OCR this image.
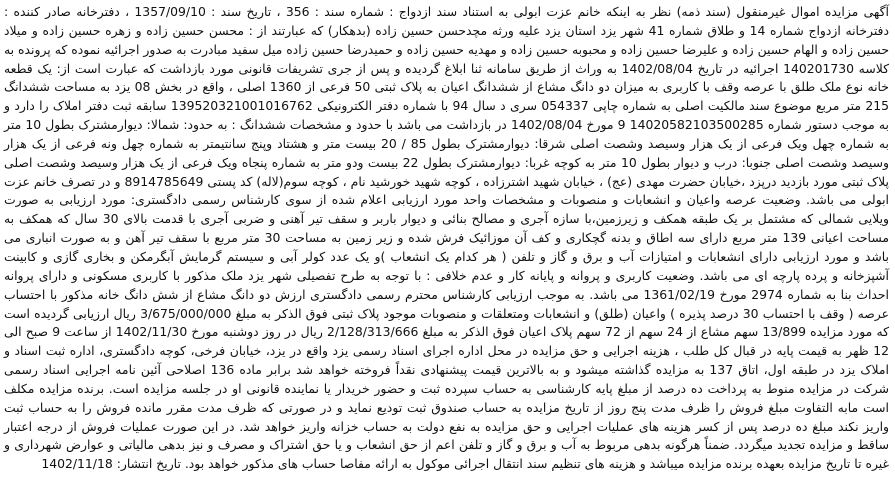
آگهی مزایده اموال غیرمنقول (سند ذمه) نظر به اینکه خانم عزت ابولی به استناد سند ازدواج : شماره سند : 356 ، تاریخ سند : 1357/09/10 ، دفترخانه صادر کننده : دفترخانه ازدواج شماره 14 و طلاق شماره 41 شهر یزد استان یزد علیه ورثه مچدحسن حسین زاده (بدهکار) که عبارتند از : محسن حسین زاده و زهره حسین زاده و میلاد حسین زاده و الهام حسین زاده و علیرضا حسین زاده و محبوبه حسین زاده و مهدیه حسین زاده و حمیدرضا حسین زاده میل سفید مبادرت به صدور اجرائیه نموده که پرونده به کلاسه 140201730 اجرائیه در تاریخ 1402/08/04 به وراث از طریق سامانه ثنا ابلاغ گردیده و پس از جری تشریفات قانونی مورد بازداشت که عبارت است از: یک قطعه خانه نوع ملک طلق با عرصه وقف با کاربری به میزان دو دانگ مشاع از ششدانگ اعیان به پلاک ثبتی 50 فرعی از 1360 اصلی ، واقع در بخش 08 یزد به مساحت ششدانگ 215 متر مربع موضوع سند مالکیت اصلی به شماره چاپی 054337 سری د سال 94 با شماره دفتر الکترونیکی 139520321001016762 سابقه ثبت دفتر املاک را دارد و به موجب دستور شماره 14020582103500285 9 مورخ 1402/08/04 در بازداشت می باشد با حدود و مشخصات ششدانگ : به حدود: شمالا: دیوارمشترک بطول 10 متر به شماره چهل ویک فرعی از یک هزار وسیصد وشصت اصلی شرقا: دیوارمشترک بطول 85 / 20 بیست متر و هشتاد وپنج سانتیمتر به شماره چهل ونه فرعی از یک هزار وسیصد وشصت اصلی جنوبا: درب و دیوار بطول 10 متر به کوچه غربا: دیوارمشترک بطول 22 بیست ودو متر به شماره پنجاه ویک فرعی از یک هزار وسیصد وشصت اصلی پلاک ثبتی مورد بازدید درپزد ،خیابان حضرت مهدی (عج) ، خیابان شهید اشترزاده ، کوچه شهید خورشید نام ، کوچه سوم(لاله) کد پستی 8914785649 و در تصرف خانم عزت ابولی می باشد. وضعیت عرصه واعیان و انشعابات و منصوبات و مشخصات واحد مورد ارزیابی اعلام شده از سوی کارشناس رسمی دادگستری: مورد ارزیابی به صورت ویلایی شمالی که مشتمل بر یک طبقه همکف و زیرزمین،با سازه آجری و مصالح بنائی و دیوار باربر و سقف تیر آهنی و ضربی آجری با قدمت بالای 30 سال که همکف به مساحت اعیانی 139 متر مربع دارای سه اطاق و بدنه گچکاری و کف آن موزائیک فرش شده و زیر زمین به مساحت 30 متر مربع با سقف تیر آهن و به صورت انباری می باشد و مورد ارزیابی دارای انشعابات و امتیازات آب و برق و گاز و تلفن ( هر کدام یک انشعاب )و یک عدد کولر آبی و سیستم گرمایش آبگرمکن و بخاری گازی و کابینت آشپزخانه و پرده پارچه ای می باشد. وضعیت کاربری و پروانه و پایانه کار و عدم خلافی : با توجه به طرح تفصیلی شهر یزد ملک مذکور با کاربری مسکونی و دارای پروانه احداث بنا به شماره 2974 مورخ 1361/02/19 می باشد. به موجب ارزیابی کارشناس محترم رسمی دادگستری ارزش دو دانگ مشاع از شش دانگ خانه مذکور با احتساب عرصه ( وقف با احتساب 30 درصد پذیره ) واعیان (طلق) و انشعابات ومتعلقات و منصوبات موجود پلاک ثبتی فوق الذکر به مبلغ 3/675/000/000 ریال ارزیابی گردیده است که مورد مزایده 13/899 سهم مشاع از 24 سهم از 72 سهم پلاک اعیان فوق الذکر به مبلغ 2/128/313/666 ریال در روز دوشنبه مورخ 1402/11/30 از ساعت 9 صبح الی 12 ظهر به قیمت پایه در قبال کل طلب ، هزینه اجرایی و حق مزایده در محل اداره اجرای اسناد رسمی یزد واقع در یزد، خیابان فرخی، کوچه دادگستری، اداره ثبت اسناد و املاک یزد در طبقه اول، اتاق 137 به مزایده گذاشته میشود و به بالاترین قیمت پیشنهادی نقداً فروخته خواهد شد برابر ماده 136 اصلاحی آئین نامه اجرایی اسناد رسمی شرکت در مزایده منوط به پرداخت ده درصد از مبلغ پایه کارشناسی به حساب سپرده ثبت و حضور خریدار یا نماینده قانونی او در جلسه مزایده است. برنده مزایده مکلف است مابه التفاوت مبلغ فروش را ظرف مدت پنج روز از تاریخ مزایده به حساب صندوق ثبت تودیع نماید و در صورتی که ظرف مدت مقرر مانده فروش را به حساب ثبت واریز نکند مبلغ ده درصد پس از کسر هزینه های عملیات اجرایی و حق مزایده به نفع دولت به حساب خزانه واریز خواهد شد. در این صورت عملیات فروش از درجه اعتبار ساقط و مزایده تجدید میگردد. ضمناً هرگونه بدهی مربوط به آب و برق و گاز و تلفن اعم از حق انشعاب و یا حق اشتراک و مصرف و نیز بدهی مالیاتی و عوارض شهرداری و غیره تا تاریخ مزایده بعهده برنده مزایده میباشد و هزینه های تنظیم سند انتقال اجرائی موکول به ارائه مفاصا حساب های مذکور خواهد بود. تاریخ انتشار: 1402/11/18
